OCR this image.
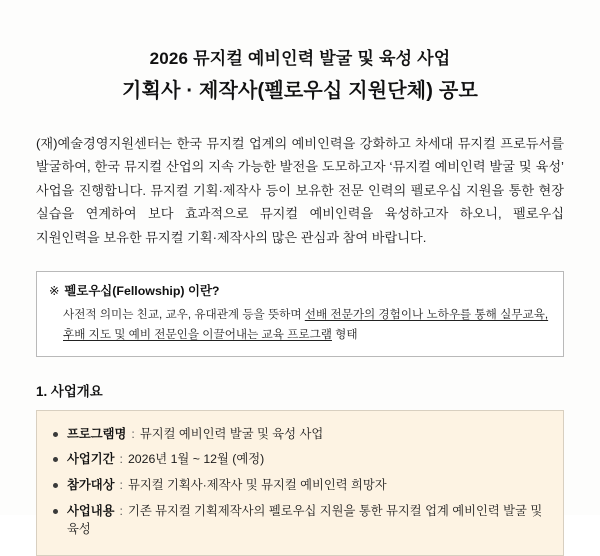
2026 뮤지컬 예비인력 발굴 및 육성 사업
기획사 · 제작사(펠로우십 지원단체) 공모

(재)예술경영지원센터는 한국 뮤지컬 업계의 예비인력을 강화하고 차세대 뮤지컬 프로듀서를 발굴하여, 한국 뮤지컬 산업의 지속 가능한 발전을 도모하고자 ‘뮤지컬 예비인력 발굴 및 육성’ 사업을 진행합니다. 뮤지컬 기획·제작사 등이 보유한 전문 인력의 펠로우십 지원을 통한 현장 실습을 연계하여 보다 효과적으로 뮤지컬 예비인력을 육성하고자 하오니, 펠로우십 지원인력을 보유한 뮤지컬 기획·제작사의 많은 관심과 참여 바랍니다.

※ 펠로우십(Fellowship) 이란?
사전적 의미는 친교, 교우, 유대관계 등을 뜻하며 선배 전문가의 경험이나 노하우를 통해 실무교육, 후배 지도 및 예비 전문인을 이끌어내는 교육 프로그램 형태
1. 사업개요
프로그램명 : 뮤지컬 예비인력 발굴 및 육성 사업
사업기간 : 2026년 1월 ~ 12월 (예정)
참가대상 : 뮤지컬 기획사·제작사 및 뮤지컬 예비인력 희망자
사업내용 : 기존 뮤지컬 기획제작사의 펠로우십 지원을 통한 뮤지컬 업계 예비인력 발굴 및 육성
